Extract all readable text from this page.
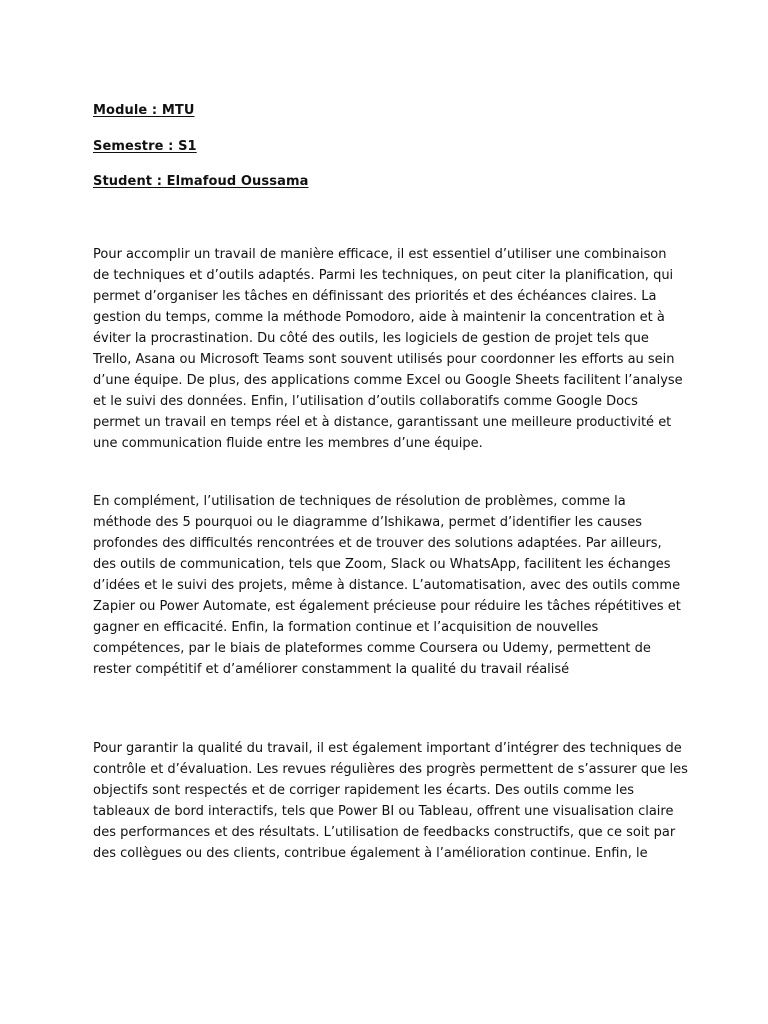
Module : MTU
Semestre : S1
Student : Elmafoud Oussama
Pour accomplir un travail de manière efficace, il est essentiel d’utiliser une combinaison
de techniques et d’outils adaptés. Parmi les techniques, on peut citer la planification, qui
permet d’organiser les tâches en définissant des priorités et des échéances claires. La
gestion du temps, comme la méthode Pomodoro, aide à maintenir la concentration et à
éviter la procrastination. Du côté des outils, les logiciels de gestion de projet tels que
Trello, Asana ou Microsoft Teams sont souvent utilisés pour coordonner les efforts au sein
d’une équipe. De plus, des applications comme Excel ou Google Sheets facilitent l’analyse
et le suivi des données. Enfin, l’utilisation d’outils collaboratifs comme Google Docs
permet un travail en temps réel et à distance, garantissant une meilleure productivité et
une communication fluide entre les membres d’une équipe.
En complément, l’utilisation de techniques de résolution de problèmes, comme la
méthode des 5 pourquoi ou le diagramme d’Ishikawa, permet d’identifier les causes
profondes des difficultés rencontrées et de trouver des solutions adaptées. Par ailleurs,
des outils de communication, tels que Zoom, Slack ou WhatsApp, facilitent les échanges
d’idées et le suivi des projets, même à distance. L’automatisation, avec des outils comme
Zapier ou Power Automate, est également précieuse pour réduire les tâches répétitives et
gagner en efficacité. Enfin, la formation continue et l’acquisition de nouvelles
compétences, par le biais de plateformes comme Coursera ou Udemy, permettent de
rester compétitif et d’améliorer constamment la qualité du travail réalisé
Pour garantir la qualité du travail, il est également important d’intégrer des techniques de
contrôle et d’évaluation. Les revues régulières des progrès permettent de s’assurer que les
objectifs sont respectés et de corriger rapidement les écarts. Des outils comme les
tableaux de bord interactifs, tels que Power BI ou Tableau, offrent une visualisation claire
des performances et des résultats. L’utilisation de feedbacks constructifs, que ce soit par
des collègues ou des clients, contribue également à l’amélioration continue. Enfin, le
